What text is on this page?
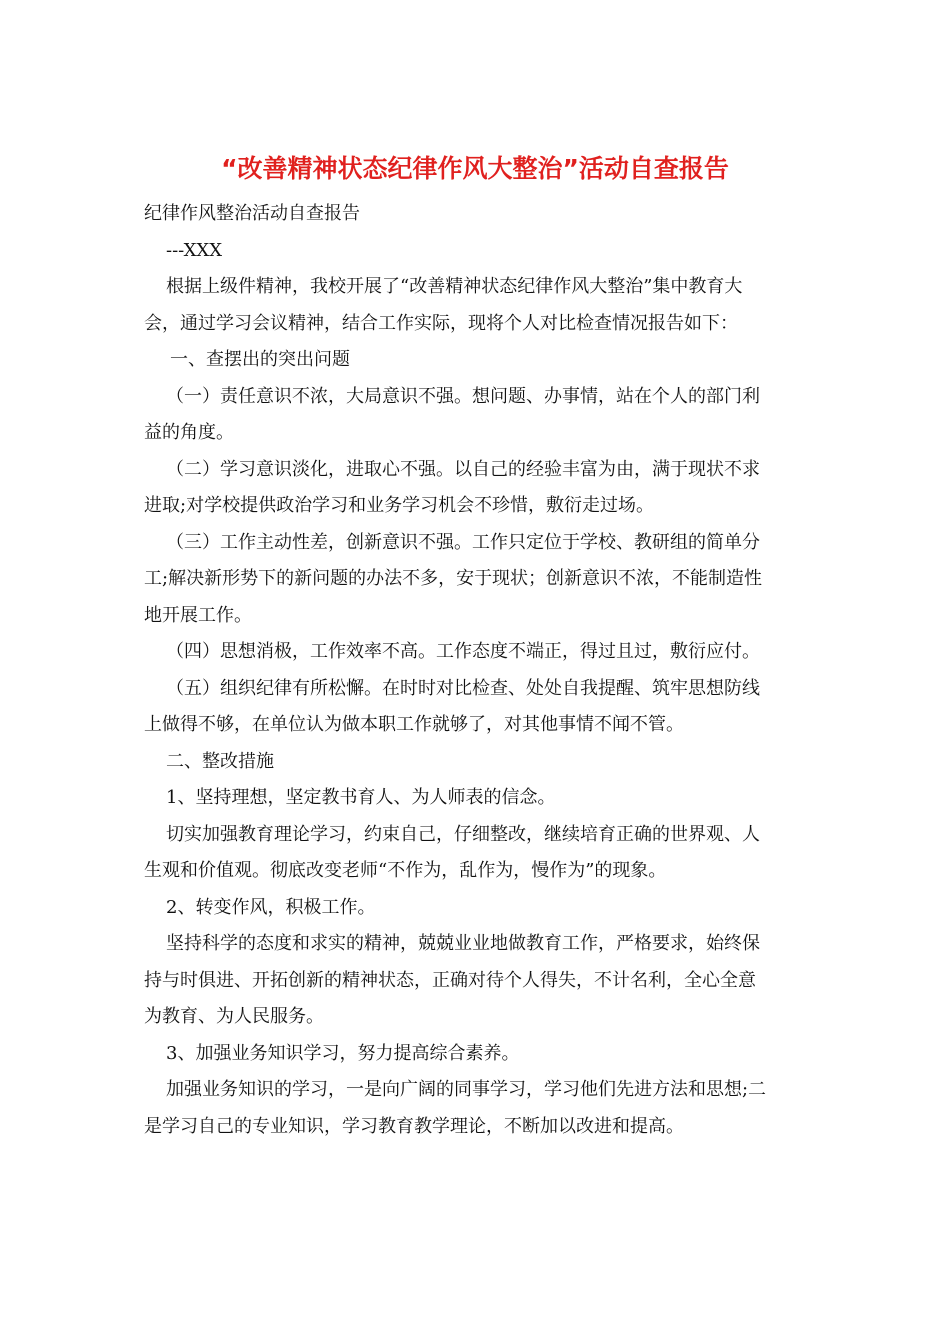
“改善精神状态纪律作风大整治”活动自查报告
纪律作风整治活动自查报告
---XXX
根据上级件精神，我校开展了“改善精神状态纪律作风大整治”集中教育大
会，通过学习会议精神，结合工作实际，现将个人对比检查情况报告如下：
一、查摆出的突出问题
（一）责任意识不浓，大局意识不强。想问题、办事情，站在个人的部门利
益的角度。
（二）学习意识淡化，进取心不强。以自己的经验丰富为由，满于现状不求
进取;对学校提供政治学习和业务学习机会不珍惜，敷衍走过场。
（三）工作主动性差，创新意识不强。工作只定位于学校、教研组的简单分
工;解决新形势下的新问题的办法不多，安于现状；创新意识不浓，不能制造性
地开展工作。
（四）思想消极，工作效率不高。工作态度不端正，得过且过，敷衍应付。
（五）组织纪律有所松懈。在时时对比检查、处处自我提醒、筑牢思想防线
上做得不够，在单位认为做本职工作就够了，对其他事情不闻不管。
二、整改措施
1、坚持理想，坚定教书育人、为人师表的信念。
切实加强教育理论学习，约束自己，仔细整改，继续培育正确的世界观、人
生观和价值观。彻底改变老师“不作为，乱作为，慢作为”的现象。
2、转变作风，积极工作。
坚持科学的态度和求实的精神，兢兢业业地做教育工作，严格要求，始终保
持与时俱进、开拓创新的精神状态，正确对待个人得失，不计名利，全心全意
为教育、为人民服务。
3、加强业务知识学习，努力提高综合素养。
加强业务知识的学习，一是向广阔的同事学习，学习他们先进方法和思想;二
是学习自己的专业知识，学习教育教学理论，不断加以改进和提高。
